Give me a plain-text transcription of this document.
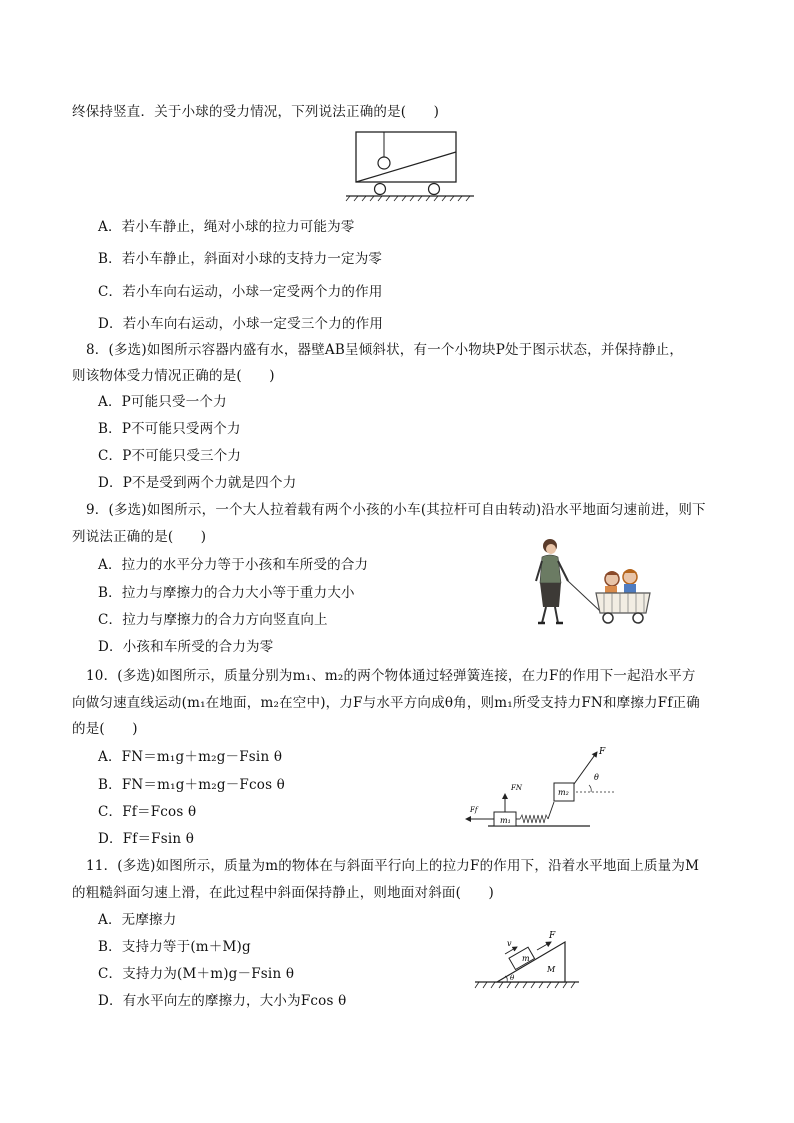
终保持竖直．关于小球的受力情况，下列说法正确的是(　　)
A．若小车静止，绳对小球的拉力可能为零
B．若小车静止，斜面对小球的支持力一定为零
C．若小车向右运动，小球一定受两个力的作用
D．若小车向右运动，小球一定受三个力的作用
8．(多选)如图所示容器内盛有水，器壁AB呈倾斜状，有一个小物块P处于图示状态，并保持静止，
则该物体受力情况正确的是(　　)
A．P可能只受一个力
B．P不可能只受两个力
C．P不可能只受三个力
D．P不是受到两个力就是四个力
9．(多选)如图所示，一个大人拉着载有两个小孩的小车(其拉杆可自由转动)沿水平地面匀速前进，则下
列说法正确的是(　　)
A．拉力的水平分力等于小孩和车所受的合力
B．拉力与摩擦力的合力大小等于重力大小
C．拉力与摩擦力的合力方向竖直向上
D．小孩和车所受的合力为零
10．(多选)如图所示，质量分别为m₁、m₂的两个物体通过轻弹簧连接，在力F的作用下一起沿水平方
向做匀速直线运动(m₁在地面，m₂在空中)，力F与水平方向成θ角，则m₁所受支持力FN和摩擦力Ff正确
的是(　　)
A．FN＝m₁g＋m₂g－Fsin θ
B．FN＝m₁g＋m₂g－Fcos θ
C．Ff＝Fcos θ
D．Ff＝Fsin θ
m₁
m₂
F
θ
FN
Ff
11．(多选)如图所示，质量为m的物体在与斜面平行向上的拉力F的作用下，沿着水平地面上质量为M
的粗糙斜面匀速上滑，在此过程中斜面保持静止，则地面对斜面(　　)
A．无摩擦力
B．支持力等于(m＋M)g
C．支持力为(M＋m)g－Fsin θ
D．有水平向左的摩擦力，大小为Fcos θ
m
F
v
M
θ
